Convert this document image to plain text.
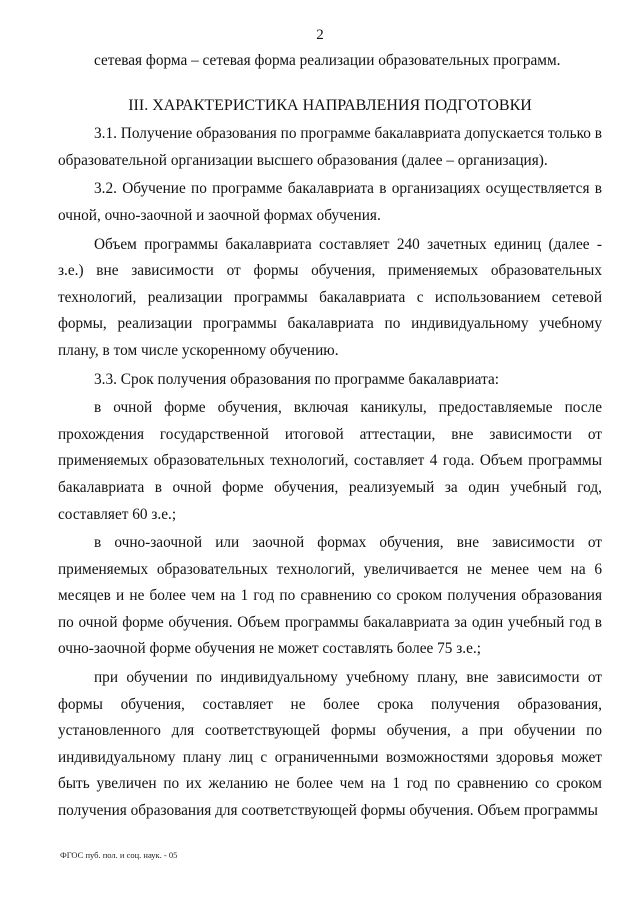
2

сетевая форма – сетевая форма реализации образовательных программ.

III. ХАРАКТЕРИСТИКА НАПРАВЛЕНИЯ ПОДГОТОВКИ

3.1. Получение образования по программе бакалавриата допускается только в образовательной организации высшего образования (далее – организация).

3.2. Обучение по программе бакалавриата в организациях осуществляется в очной, очно-заочной и заочной формах обучения.

Объем программы бакалавриата составляет 240 зачетных единиц (далее - з.е.) вне зависимости от формы обучения, применяемых образовательных технологий, реализации программы бакалавриата с использованием сетевой формы, реализации программы бакалавриата по индивидуальному учебному плану, в том числе ускоренному обучению.

3.3. Срок получения образования по программе бакалавриата:

в очной форме обучения, включая каникулы, предоставляемые после прохождения государственной итоговой аттестации, вне зависимости от применяемых образовательных технологий, составляет 4 года. Объем программы бакалавриата в очной форме обучения, реализуемый за один учебный год, составляет 60 з.е.;

в очно-заочной или заочной формах обучения, вне зависимости от применяемых образовательных технологий, увеличивается не менее чем на 6 месяцев и не более чем на 1 год по сравнению со сроком получения образования по очной форме обучения. Объем программы бакалавриата за один учебный год в очно-заочной форме обучения не может составлять более 75 з.е.;

при обучении по индивидуальному учебному плану, вне зависимости от формы обучения, составляет не более срока получения образования, установленного для соответствующей формы обучения, а при обучении по индивидуальному плану лиц с ограниченными возможностями здоровья может быть увеличен по их желанию не более чем на 1 год по сравнению со сроком получения образования для соответствующей формы обучения. Объем программы

ФГОС пуб. пол. и соц. наук. - 05
